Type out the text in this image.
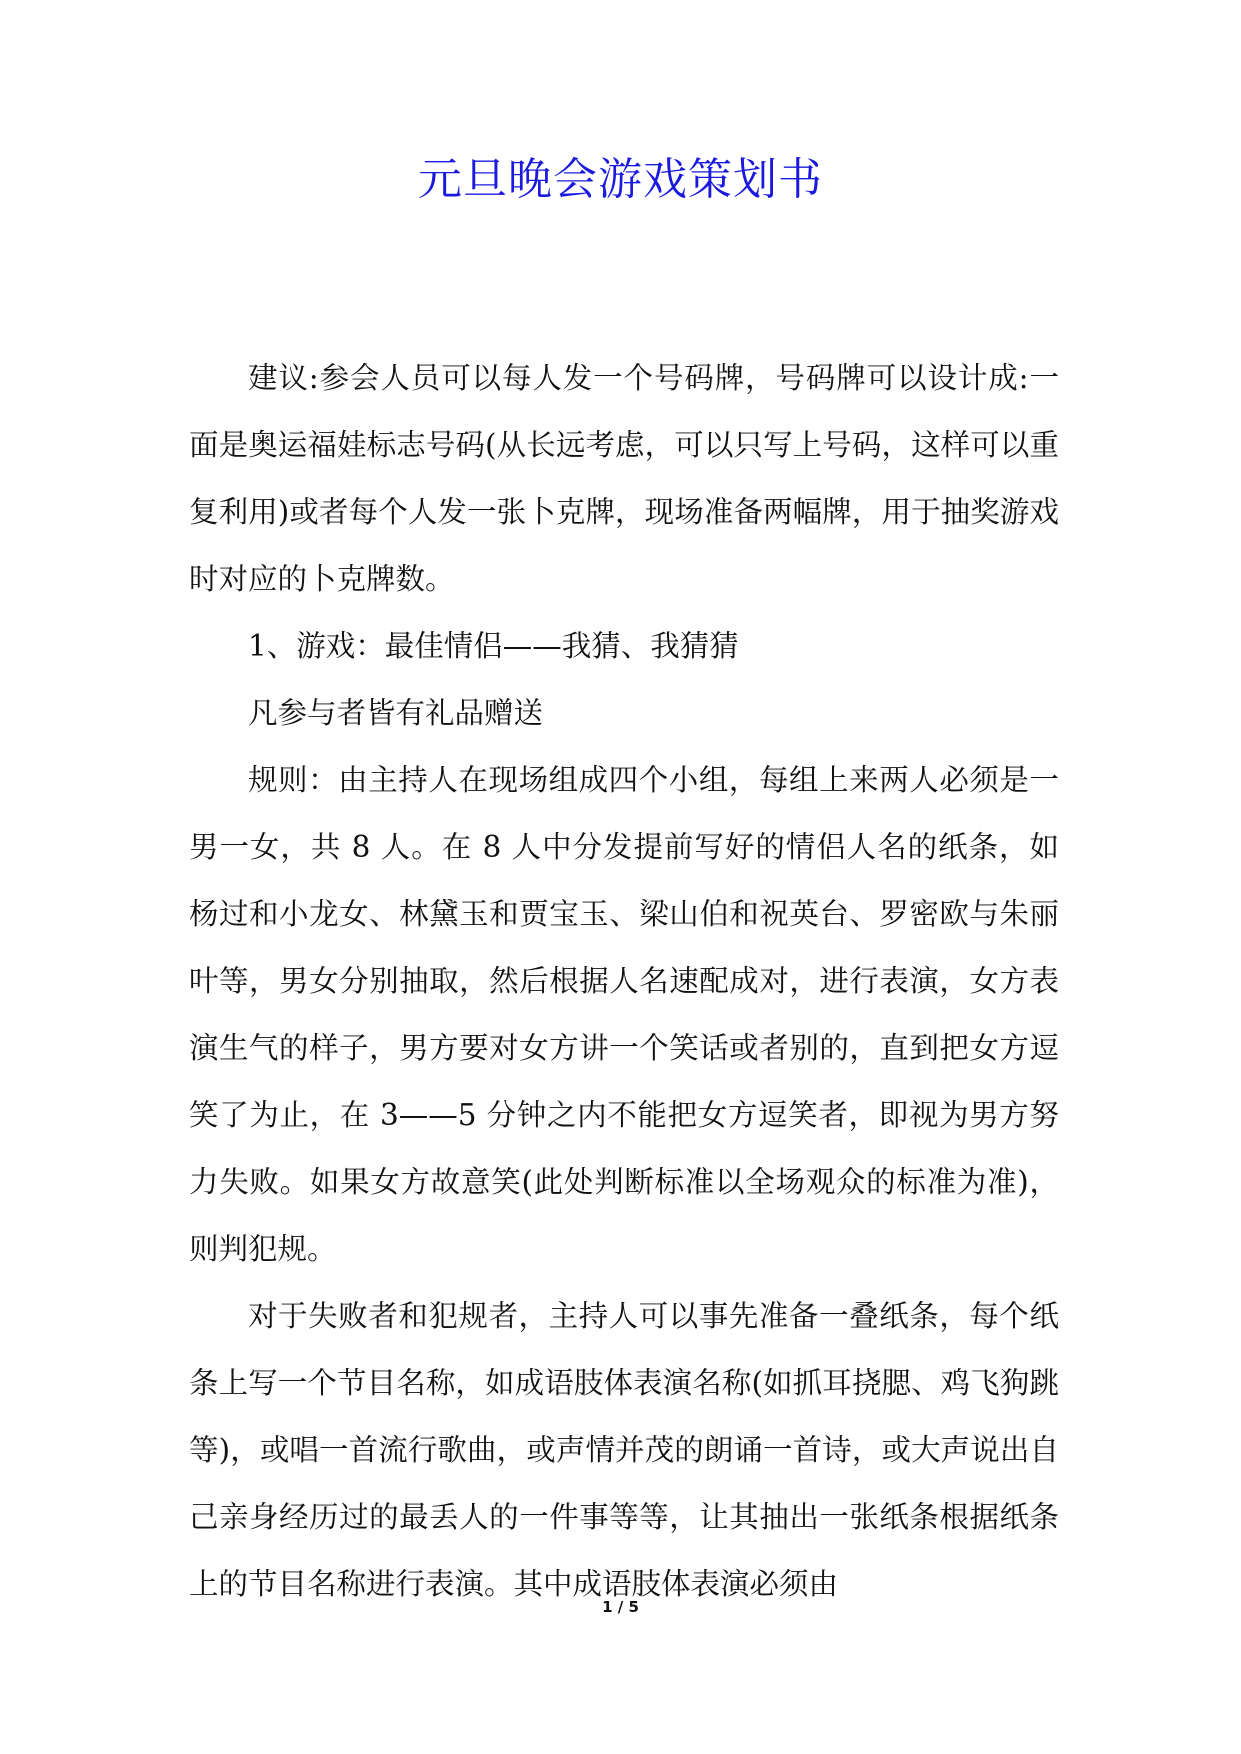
元旦晚会游戏策划书

建议:参会人员可以每人发一个号码牌，号码牌可以设计成:一面是奥运福娃标志号码(从长远考虑，可以只写上号码，这样可以重复利用)或者每个人发一张卜克牌，现场准备两幅牌，用于抽奖游戏时对应的卜克牌数。

1、游戏：最佳情侣——我猜、我猜猜

凡参与者皆有礼品赠送

规则：由主持人在现场组成四个小组，每组上来两人必须是一男一女，共 8 人。在 8 人中分发提前写好的情侣人名的纸条，如杨过和小龙女、林黛玉和贾宝玉、梁山伯和祝英台、罗密欧与朱丽叶等，男女分别抽取，然后根据人名速配成对，进行表演，女方表演生气的样子，男方要对女方讲一个笑话或者别的，直到把女方逗笑了为止，在 3——5 分钟之内不能把女方逗笑者，即视为男方努力失败。如果女方故意笑(此处判断标准以全场观众的标准为准)，则判犯规。

对于失败者和犯规者，主持人可以事先准备一叠纸条，每个纸条上写一个节目名称，如成语肢体表演名称(如抓耳挠腮、鸡飞狗跳等)，或唱一首流行歌曲，或声情并茂的朗诵一首诗，或大声说出自己亲身经历过的最丢人的一件事等等，让其抽出一张纸条根据纸条上的节目名称进行表演。其中成语肢体表演必须由

1 / 5
